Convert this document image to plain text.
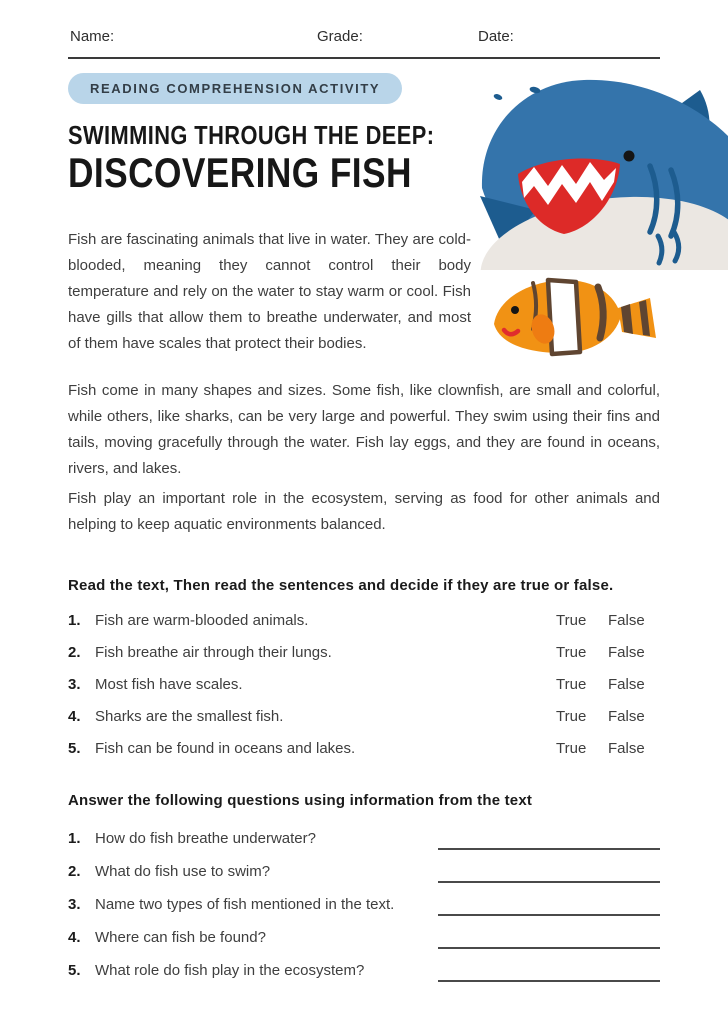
Name:	Grade:	Date:
READING COMPREHENSION ACTIVITY
SWIMMING THROUGH THE DEEP:
DISCOVERING FISH

Fish are fascinating animals that live in water. They are cold-blooded, meaning they cannot control their body temperature and rely on the water to stay warm or cool. Fish have gills that allow them to breathe underwater, and most of them have scales that protect their bodies.

Fish come in many shapes and sizes. Some fish, like clownfish, are small and colorful, while others, like sharks, can be very large and powerful. They swim using their fins and tails, moving gracefully through the water. Fish lay eggs, and they are found in oceans, rivers, and lakes.

Fish play an important role in the ecosystem, serving as food for other animals and helping to keep aquatic environments balanced.

Read the text, Then read the sentences and decide if they are true or false.
1. Fish are warm-blooded animals.	True	False
2. Fish breathe air through their lungs.	True	False
3. Most fish have scales.	True	False
4. Sharks are the smallest fish.	True	False
5. Fish can be found in oceans and lakes.	True	False
Answer the following questions using information from the text
1. How do fish breathe underwater?
2. What do fish use to swim?
3. Name two types of fish mentioned in the text.
4. Where can fish be found?
5. What role do fish play in the ecosystem?
